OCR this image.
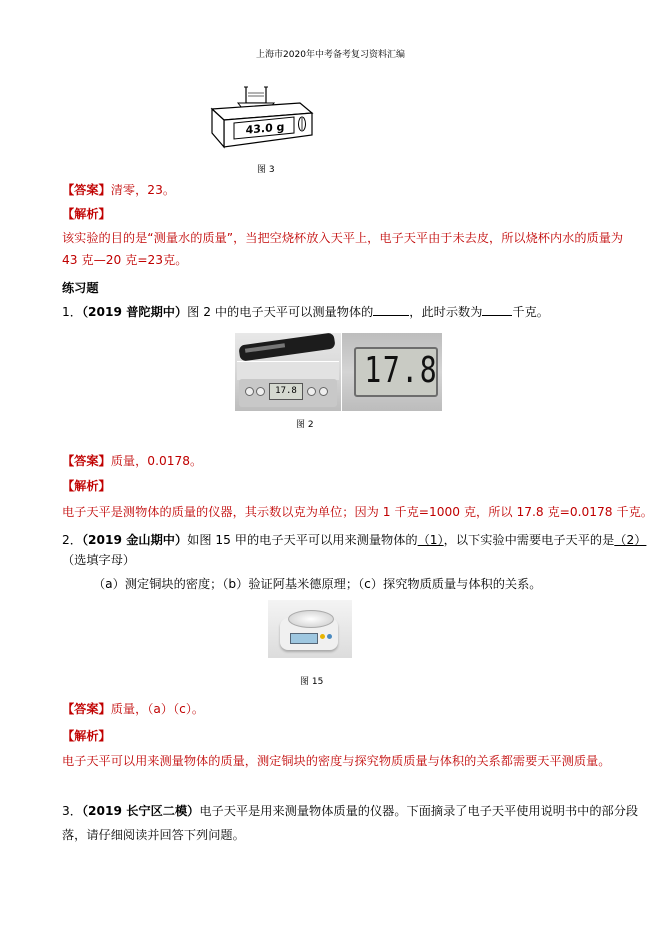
上海市2020年中考备考复习资料汇编
43.0 g
图 3
【答案】清零，23。
【解析】
该实验的目的是“测量水的质量”，当把空烧杯放入天平上，电子天平由于未去皮，所以烧杯内水的质量为
43 克—20 克=23克。
练习题
1．（2019 普陀期中）图 2 中的电子天平可以测量物体的	，此时示数为 千克。
17.8 17.8
图 2
【答案】质量，0.0178。
【解析】
电子天平是测物体的质量的仪器，其示数以克为单位；因为 1 千克=1000 克，所以 17.8 克=0.0178 千克。
2．（2019 金山期中）如图 15 甲的电子天平可以用来测量物体的（1），以下实验中需要电子天平的是（2）
（选填字母）
（a）测定铜块的密度；（b）验证阿基米德原理；（c）探究物质质量与体积的关系。
图 15
【答案】质量，（a）（c）。
【解析】
电子天平可以用来测量物体的质量，测定铜块的密度与探究物质质量与体积的关系都需要天平测质量。
3．（2019 长宁区二模）电子天平是用来测量物体质量的仪器。下面摘录了电子天平使用说明书中的部分段
落，请仔细阅读并回答下列问题。
